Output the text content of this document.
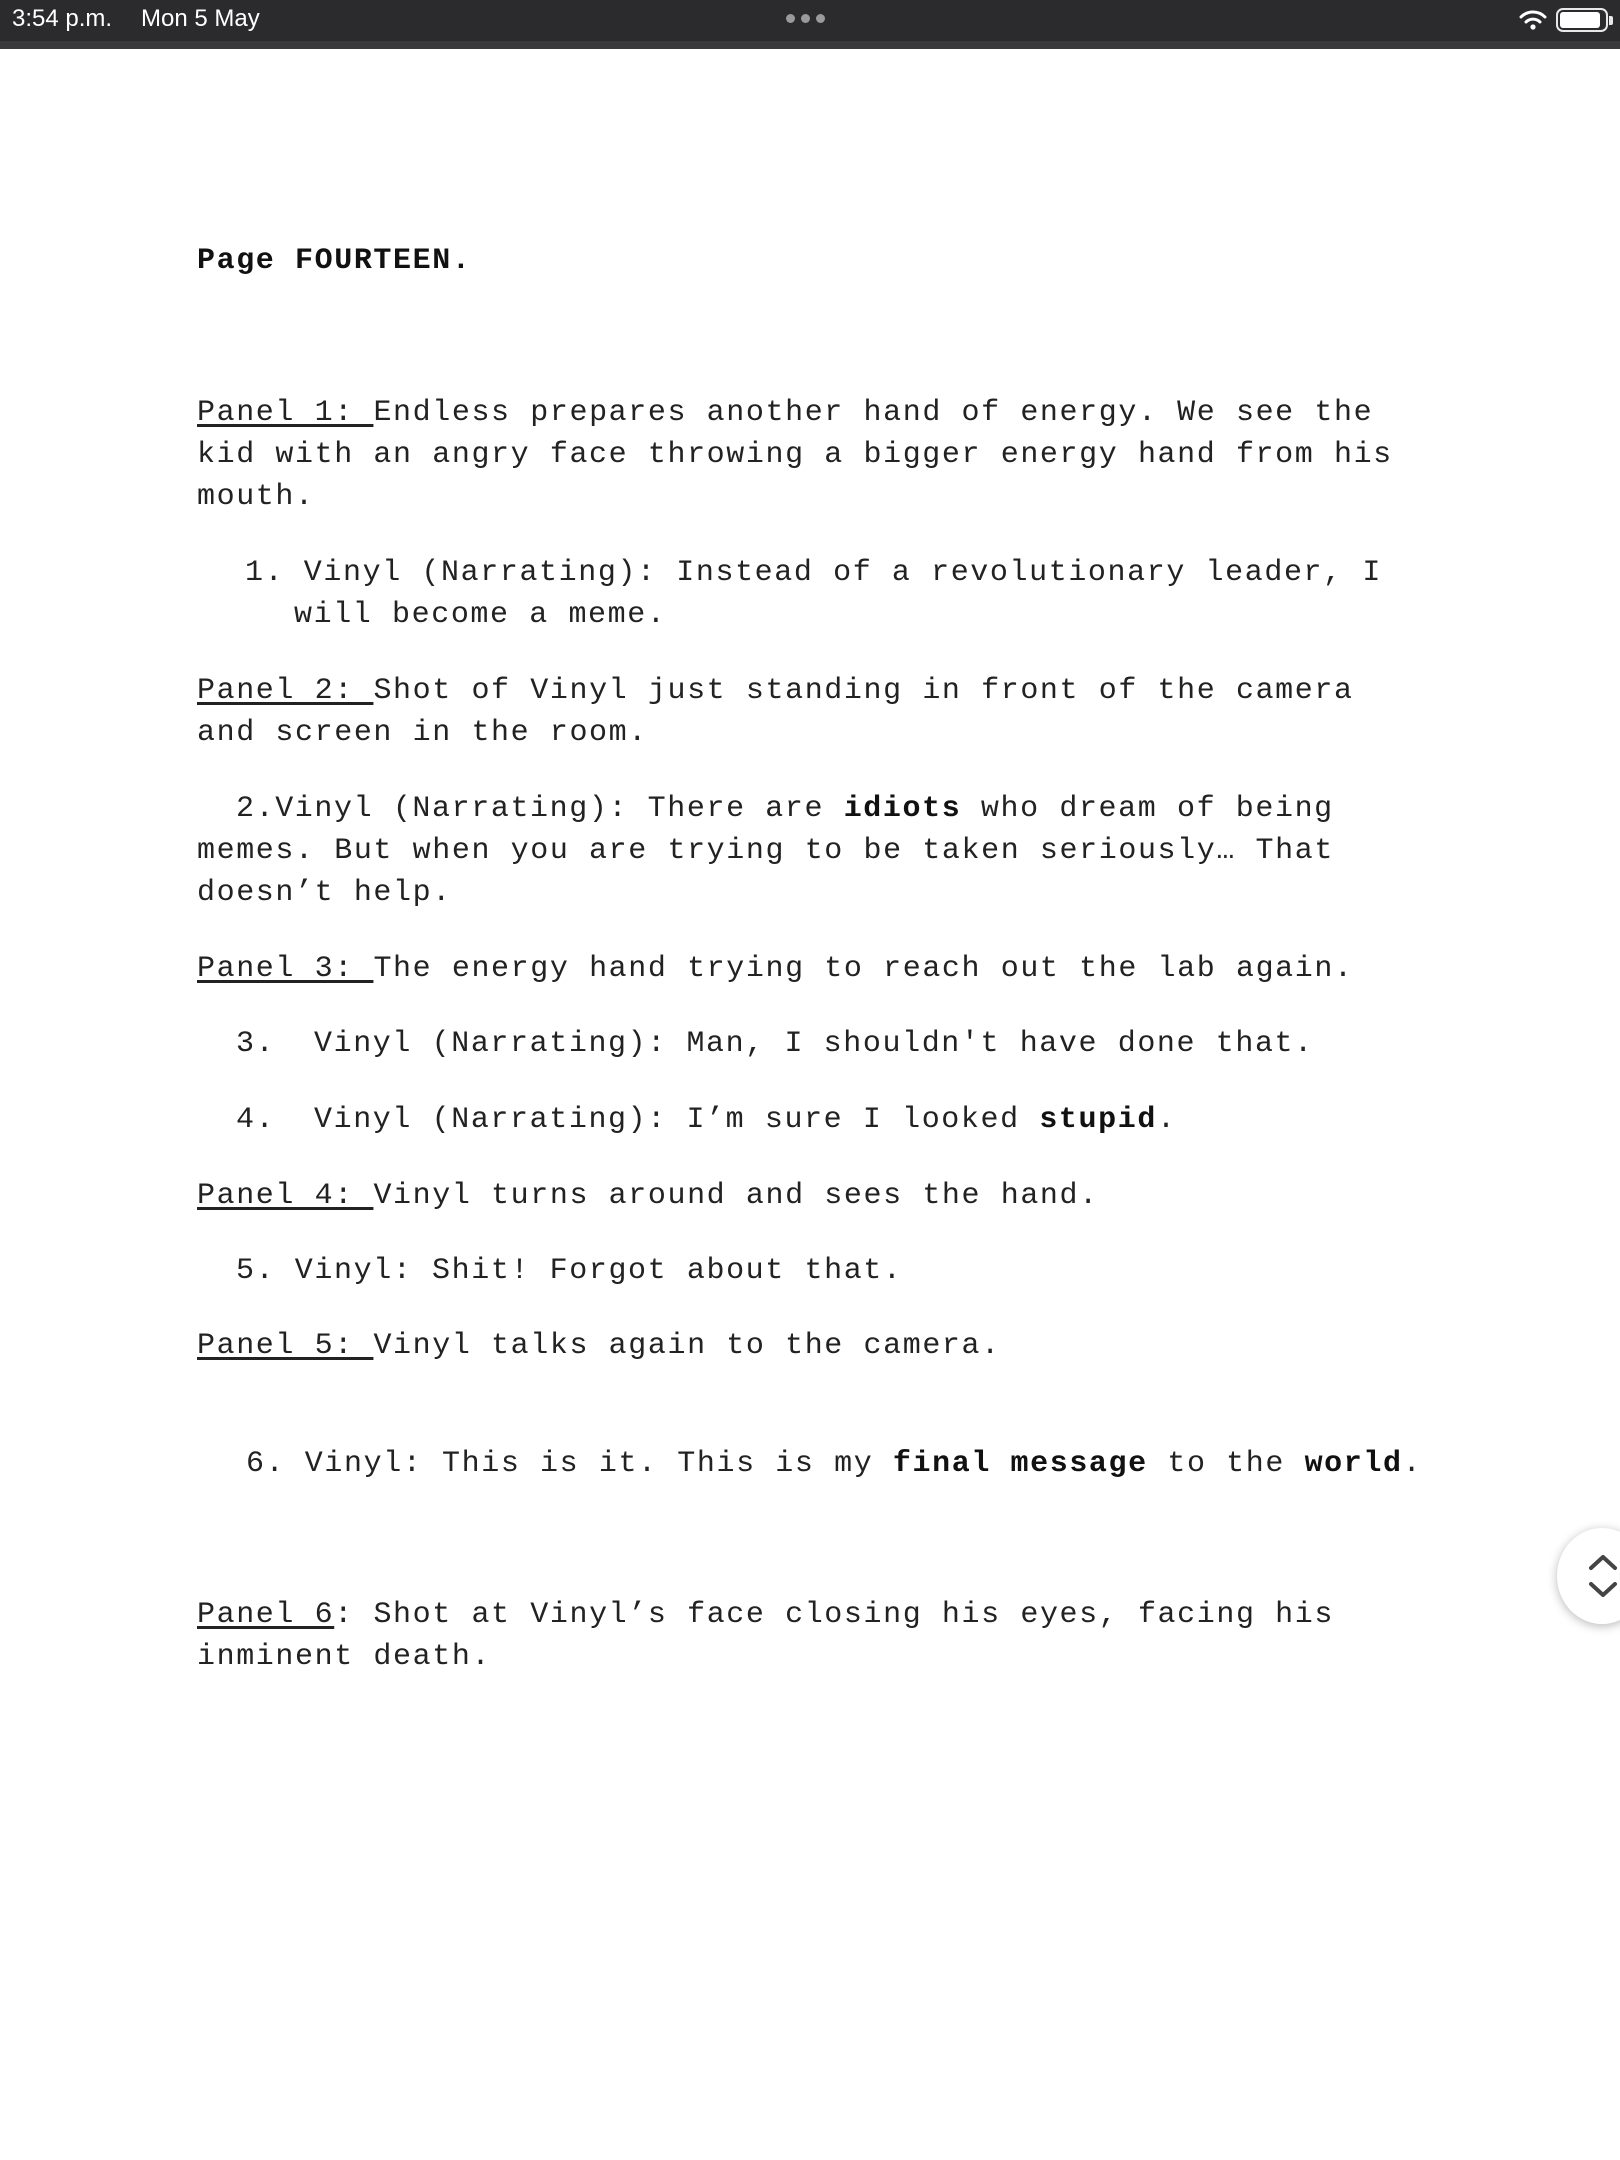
3:54 p.m. Mon 5 May
Page FOURTEEN.
Panel 1: Endless prepares another hand of energy. We see the
kid with an angry face throwing a bigger energy hand from his
mouth.
1. Vinyl (Narrating): Instead of a revolutionary leader, I
will become a meme.
Panel 2: Shot of Vinyl just standing in front of the camera
and screen in the room.
2.Vinyl (Narrating): There are idiots who dream of being
memes. But when you are trying to be taken seriously… That
doesn’t help.
Panel 3: The energy hand trying to reach out the lab again.
3. Vinyl (Narrating): Man, I shouldn't have done that.
4. Vinyl (Narrating): I’m sure I looked stupid.
Panel 4: Vinyl turns around and sees the hand.
5. Vinyl: Shit! Forgot about that.
Panel 5: Vinyl talks again to the camera.
6. Vinyl: This is it. This is my final message to the world.
Panel 6: Shot at Vinyl’s face closing his eyes, facing his
inminent death.
